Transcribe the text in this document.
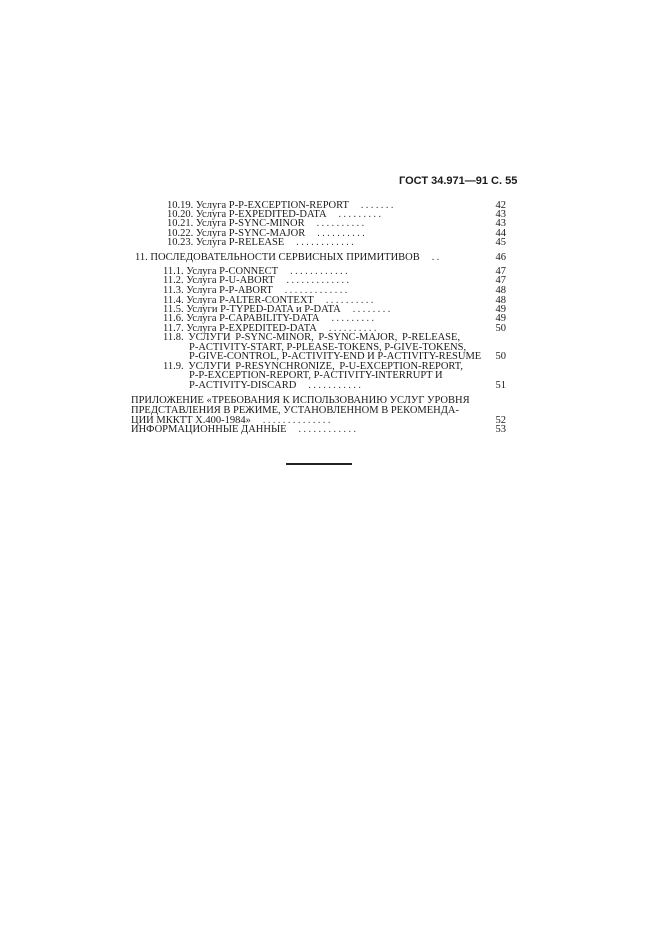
ГОСТ 34.971—91 С. 55
10.19. Услуга P-P-EXCEPTION-REPORT . . . . . . .	42
10.20. Услуга P-EXPEDITED-DATA . . . . . . . . .	43
10.21. Услуга P-SYNC-MINOR . . . . . . . . . .	43
10.22. Услуга P-SYNC-MAJOR . . . . . . . . . .	44
10.23. Услуга P-RELEASE . . . . . . . . . . . .	45
11. ПОСЛЕДОВАТЕЛЬНОСТИ СЕРВИСНЫХ ПРИМИТИВОВ . .	46
11.1. Услуга P-CONNECT . . . . . . . . . . . .	47
11.2. Услуга P-U-ABORT . . . . . . . . . . . . .	47
11.3. Услуга P-P-ABORT . . . . . . . . . . . . .	48
11.4. Услуга P-ALTER-CONTEXT . . . . . . . . . .	48
11.5. Услуги P-TYPED-DATA и P-DATA . . . . . . . .	49
11.6. Услуга P-CAPABILITY-DATA . . . . . . . . .	49
11.7. Услуга P-EXPEDITED-DATA . . . . . . . . . .	50
11.8. УСЛУГИ P-SYNC-MINOR, P-SYNC-MAJOR, P-RELEASE,
P-ACTIVITY-START, P-PLEASE-TOKENS, P-GIVE-TOKENS,
P-GIVE-CONTROL, P-ACTIVITY-END И P-ACTIVITY-RESUME	50
11.9. УСЛУГИ P-RESYNCHRONIZE, P-U-EXCEPTION-REPORT,
P-P-EXCEPTION-REPORT, P-ACTIVITY-INTERRUPT И
P-ACTIVITY-DISCARD . . . . . . . . . . .	51
ПРИЛОЖЕНИЕ «ТРЕБОВАНИЯ К ИСПОЛЬЗОВАНИЮ УСЛУГ УРОВНЯ
ПРЕДСТАВЛЕНИЯ В РЕЖИМЕ, УСТАНОВЛЕННОМ В РЕКОМЕНДА-
ЦИИ МККТТ Х.400-1984» . . . . . . . . . . . . . .	52
ИНФОРМАЦИОННЫЕ ДАННЫЕ . . . . . . . . . . . .	53
